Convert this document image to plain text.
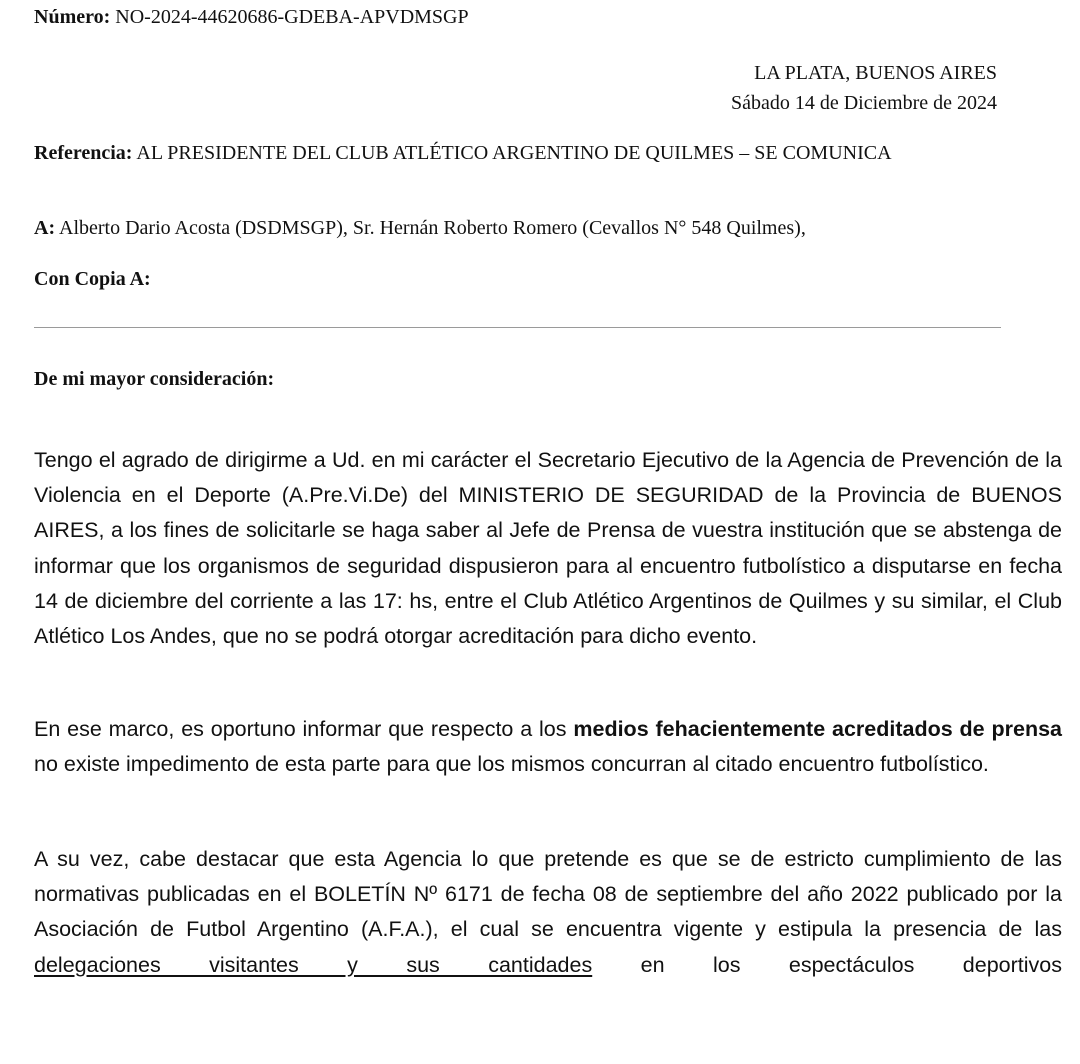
Número: NO-2024-44620686-GDEBA-APVDMSGP
LA PLATA, BUENOS AIRES
Sábado 14 de Diciembre de 2024
Referencia: AL PRESIDENTE DEL CLUB ATLÉTICO ARGENTINO DE QUILMES – SE COMUNICA
A: Alberto Dario Acosta (DSDMSGP), Sr. Hernán Roberto Romero (Cevallos N° 548 Quilmes),
Con Copia A:
De mi mayor consideración:

Tengo el agrado de dirigirme a Ud. en mi carácter el Secretario Ejecutivo de la Agencia de Prevención de la Violencia en el Deporte (A.Pre.Vi.De) del MINISTERIO DE SEGURIDAD de la Provincia de BUENOS AIRES, a los fines de solicitarle se haga saber al Jefe de Prensa de vuestra institución que se abstenga de informar que los organismos de seguridad dispusieron para al encuentro futbolístico a disputarse en fecha 14 de diciembre del corriente a las 17: hs, entre el Club Atlético Argentinos de Quilmes y su similar, el Club Atlético Los Andes, que no se podrá otorgar acreditación para dicho evento.

En ese marco, es oportuno informar que respecto a los medios fehacientemente acreditados de prensa no existe impedimento de esta parte para que los mismos concurran al citado encuentro futbolístico.

A su vez, cabe destacar que esta Agencia lo que pretende es que se de estricto cumplimiento de las normativas publicadas en el BOLETÍN Nº 6171 de fecha 08 de septiembre del año 2022 publicado por la Asociación de Futbol Argentino (A.F.A.), el cual se encuentra vigente y estipula la presencia de las delegaciones visitantes y sus cantidades en los espectáculos deportivos
